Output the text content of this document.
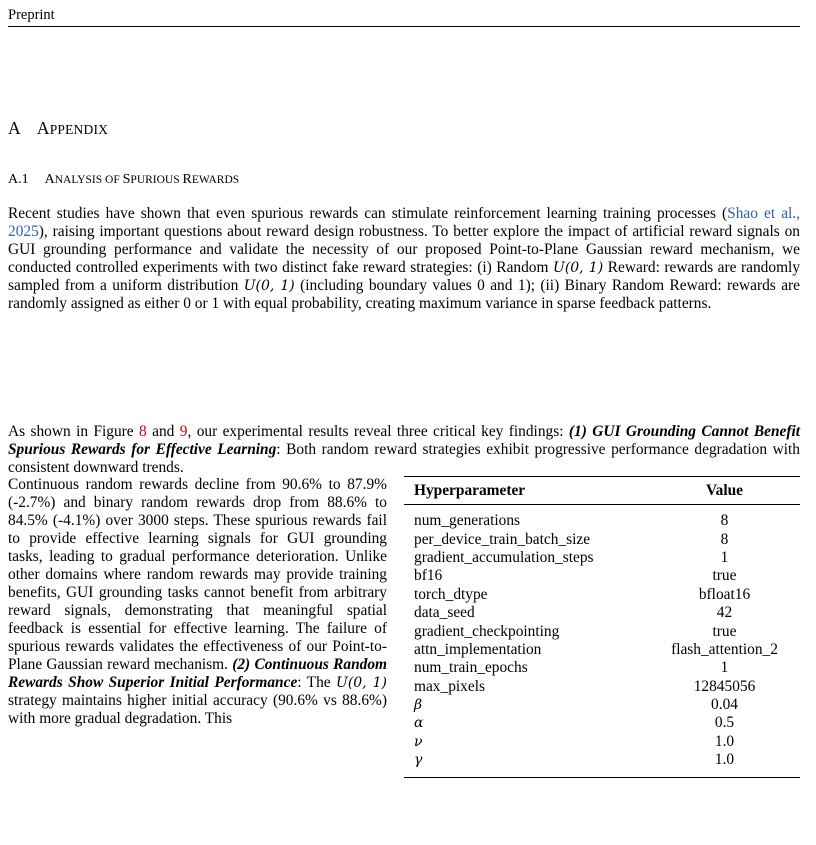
Preprint
A APPENDIX
A.1 ANALYSIS OF SPURIOUS REWARDS
Recent studies have shown that even spurious rewards can stimulate reinforcement learning training processes (Shao et al., 2025), raising important questions about reward design robustness. To better explore the impact of artificial reward signals on GUI grounding performance and validate the necessity of our proposed Point-to-Plane Gaussian reward mechanism, we conducted controlled experiments with two distinct fake reward strategies: (i) Random U(0, 1) Reward: rewards are randomly sampled from a uniform distribution U(0, 1) (including boundary values 0 and 1); (ii) Binary Random Reward: rewards are randomly assigned as either 0 or 1 with equal probability, creating maximum variance in sparse feedback patterns.
As shown in Figure 8 and 9, our experimental results reveal three critical key findings: (1) GUI Grounding Cannot Benefit Spurious Rewards for Effective Learning: Both random reward strategies exhibit progressive performance degradation with consistent downward trends.
Continuous random rewards decline from 90.6% to 87.9% (-2.7%) and binary random rewards drop from 88.6% to 84.5% (-4.1%) over 3000 steps. These spurious rewards fail to provide effective learning signals for GUI grounding tasks, leading to gradual performance deterioration. Unlike other domains where random rewards may provide training benefits, GUI grounding tasks cannot benefit from arbitrary reward signals, demonstrating that meaningful spatial feedback is essential for effective learning. The failure of spurious rewards validates the effectiveness of our Point-to-Plane Gaussian reward mechanism. (2) Continuous Random Rewards Show Superior Initial Performance: The U(0, 1) strategy maintains higher initial accuracy (90.6% vs 88.6%) with more gradual degradation. This
Hyperparameter	Value
num_generations	8
per_device_train_batch_size	8
gradient_accumulation_steps	1
bf16	true
torch_dtype	bfloat16
data_seed	42
gradient_checkpointing	true
attn_implementation	flash_attention_2
num_train_epochs	1
max_pixels	12845056
β	0.04
α	0.5
ν	1.0
γ	1.0
